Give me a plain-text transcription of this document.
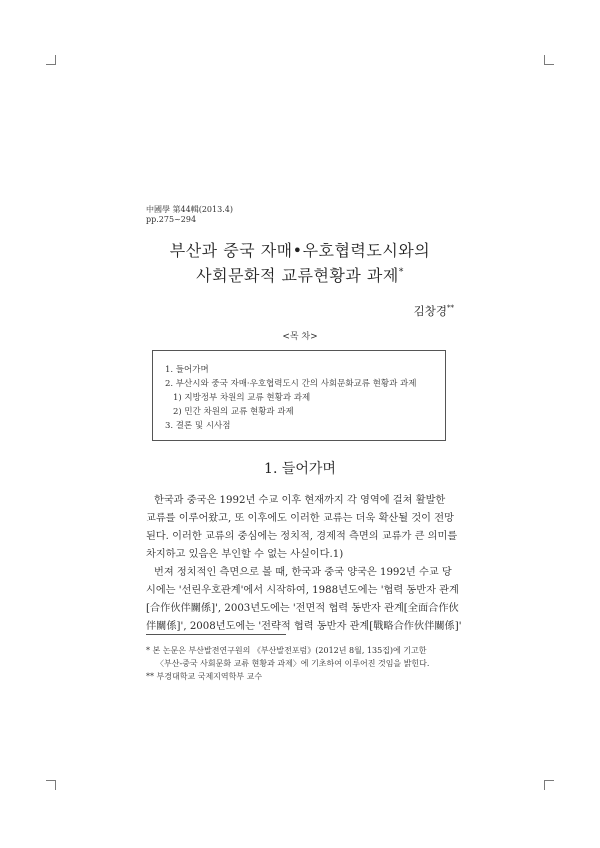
中國學 第44輯(2013.4)
pp.275~294
부산과 중국 자매•우호협력도시와의
사회문화적 교류현황과 과제*
김창경**
<목 차>
1. 들어가며
2. 부산시와 중국 자매·우호협력도시 간의 사회문화교류 현황과 과제
1) 지방정부 차원의 교류 현황과 과제
2) 민간 차원의 교류 현황과 과제
3. 결론 및 시사점
1. 들어가며
한국과 중국은 1992년 수교 이후 현재까지 각 영역에 걸쳐 활발한
교류를 이루어왔고, 또 이후에도 이러한 교류는 더욱 확산될 것이 전망
된다. 이러한 교류의 중심에는 정치적, 경제적 측면의 교류가 큰 의미를
차지하고 있음은 부인할 수 없는 사실이다.1)
번져 정치적인 측면으로 볼 때, 한국과 중국 양국은 1992년 수교 당
시에는 '선린우호관계'에서 시작하여, 1988년도에는 '협력 동반자 관계
[合作伙伴關係]', 2003년도에는 '전면적 협력 동반자 관계[全面合作伙
伴關係]', 2008년도에는 '전략적 협력 동반자 관계[戰略合作伙伴關係]'
* 본 논문은 부산발전연구원의 《부산발전포럼》(2012년 8월, 135집)에 기고한
〈부산-중국 사회문화 교류 현황과 과제〉에 기초하여 이루어진 것임을 밝힌다.
** 부경대학교 국제지역학부 교수
